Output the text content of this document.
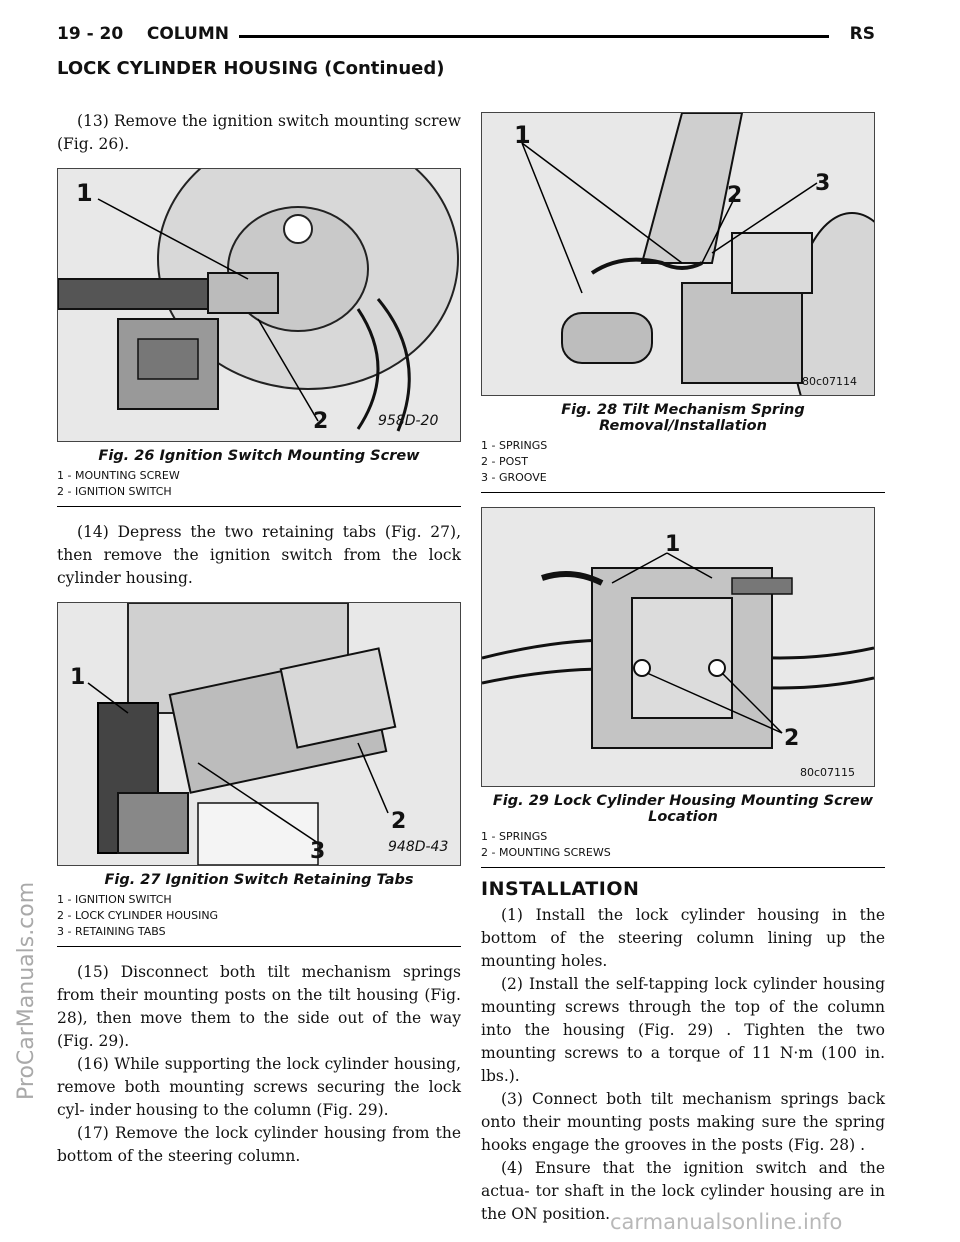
ProCarManuals.com
carmanualsonline.info
19 - 20    COLUMN	RS
LOCK CYLINDER HOUSING (Continued)

(13) Remove the ignition switch mounting screw (Fig. 26).

1
2	958D-20
Fig. 26 Ignition Switch Mounting Screw
1 - MOUNTING SCREW
2 - IGNITION SWITCH

(14) Depress the two retaining tabs (Fig. 27), then remove the ignition switch from the lock cylinder housing.

1
2
3	948D-43
Fig. 27 Ignition Switch Retaining Tabs
1 - IGNITION SWITCH
2 - LOCK CYLINDER HOUSING
3 - RETAINING TABS

(15) Disconnect both tilt mechanism springs from their mounting posts on the tilt housing (Fig. 28), then move them to the side out of the way (Fig. 29).

(16) While supporting the lock cylinder housing, remove both mounting screws securing the lock cyl- inder housing to the column (Fig. 29).

(17) Remove the lock cylinder housing from the bottom of the steering column.

1
2	3
80c07114
Fig. 28 Tilt Mechanism Spring Removal/Installation
1 - SPRINGS
2 - POST
3 - GROOVE
1
2
80c07115
Fig. 29 Lock Cylinder Housing Mounting Screw
Location
1 - SPRINGS
2 - MOUNTING SCREWS
INSTALLATION

(1) Install the lock cylinder housing in the bottom of the steering column lining up the mounting holes.

(2) Install the self-tapping lock cylinder housing mounting screws through the top of the column into the housing (Fig. 29) . Tighten the two mounting screws to a torque of 11 N·m (100 in. lbs.).

(3) Connect both tilt mechanism springs back onto their mounting posts making sure the spring hooks engage the grooves in the posts (Fig. 28) .

(4) Ensure that the ignition switch and the actua- tor shaft in the lock cylinder housing are in the ON position.
